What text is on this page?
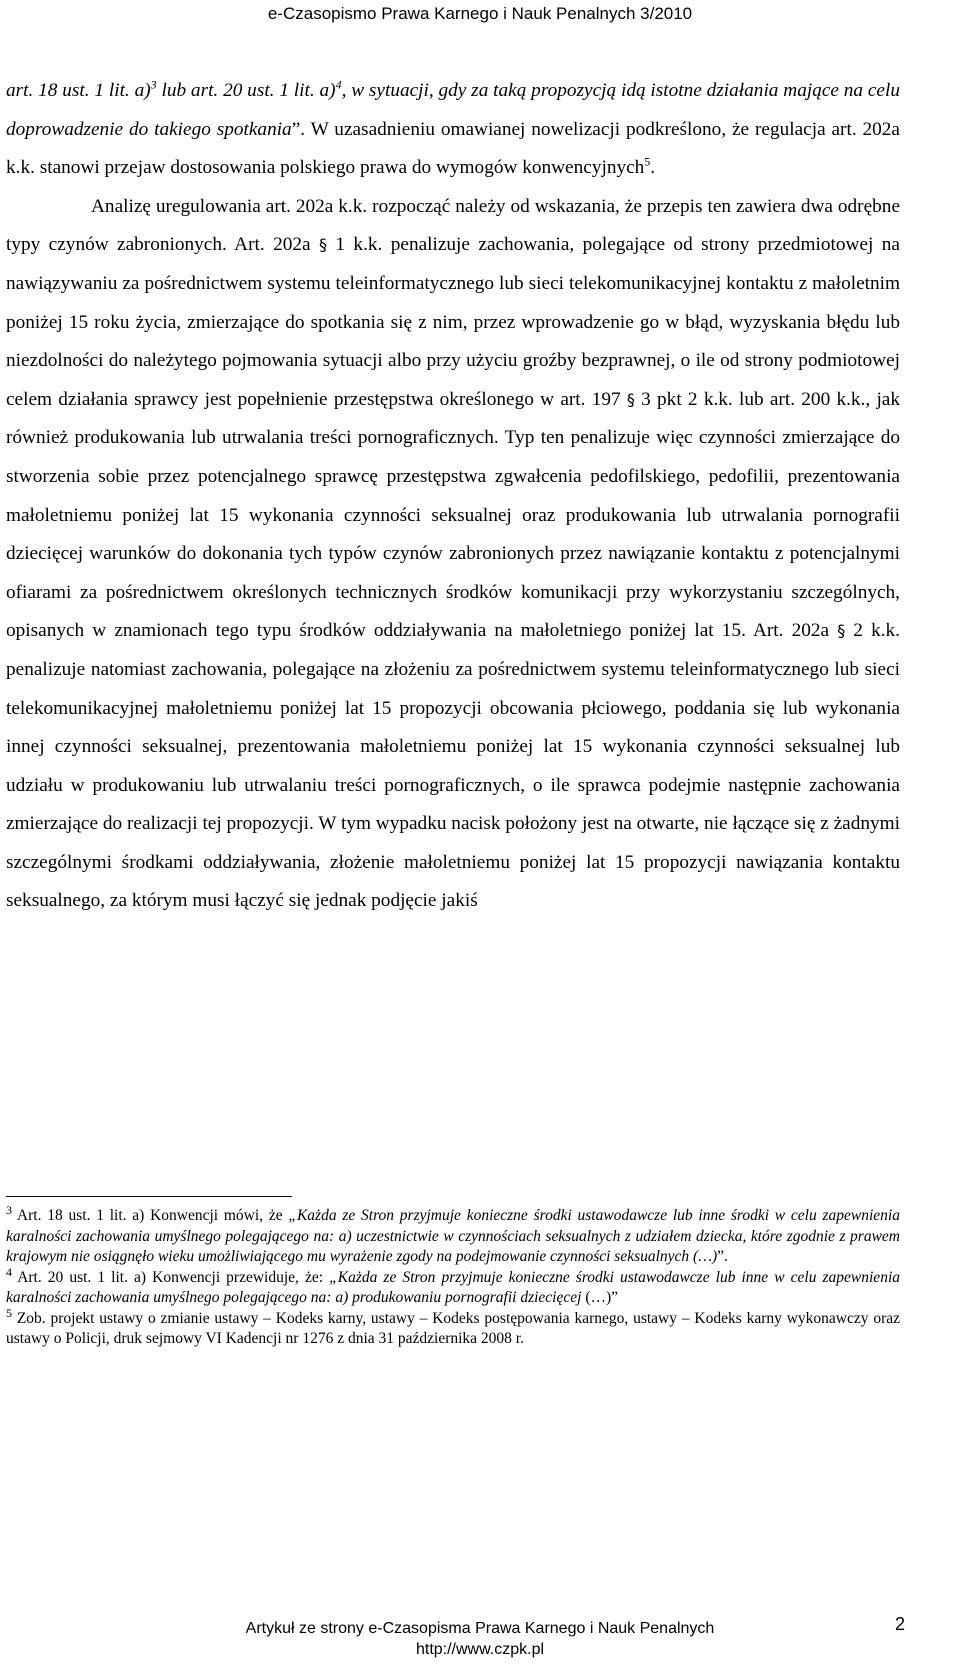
e-Czasopismo Prawa Karnego i Nauk Penalnych 3/2010

art. 18 ust. 1 lit. a)$^3$ lub art. 20 ust. 1 lit. a)$^4$, w sytuacji, gdy za taką propozycją idą istotne działania mające na celu doprowadzenie do takiego spotkania”. W uzasadnieniu omawianej nowelizacji podkreślono, że regulacja art. 202a k.k. stanowi przejaw dostosowania polskiego prawa do wymogów konwencyjnych$^5$.

Analizę uregulowania art. 202a k.k. rozpocząć należy od wskazania, że przepis ten zawiera dwa odrębne typy czynów zabronionych. Art. 202a § 1 k.k. penalizuje zachowania, polegające od strony przedmiotowej na nawiązywaniu za pośrednictwem systemu teleinformatycznego lub sieci telekomunikacyjnej kontaktu z małoletnim poniżej 15 roku życia, zmierzające do spotkania się z nim, przez wprowadzenie go w błąd, wyzyskania błędu lub niezdolności do należytego pojmowania sytuacji albo przy użyciu groźby bezprawnej, o ile od strony podmiotowej celem działania sprawcy jest popełnienie przestępstwa określonego w art. 197 § 3 pkt 2 k.k. lub art. 200 k.k., jak również produkowania lub utrwalania treści pornograficznych. Typ ten penalizuje więc czynności zmierzające do stworzenia sobie przez potencjalnego sprawcę przestępstwa zgwałcenia pedofilskiego, pedofilii, prezentowania małoletniemu poniżej lat 15 wykonania czynności seksualnej oraz produkowania lub utrwalania pornografii dziecięcej warunków do dokonania tych typów czynów zabronionych przez nawiązanie kontaktu z potencjalnymi ofiarami za pośrednictwem określonych technicznych środków komunikacji przy wykorzystaniu szczególnych, opisanych w znamionach tego typu środków oddziaływania na małoletniego poniżej lat 15. Art. 202a § 2 k.k. penalizuje natomiast zachowania, polegające na złożeniu za pośrednictwem systemu teleinformatycznego lub sieci telekomunikacyjnej małoletniemu poniżej lat 15 propozycji obcowania płciowego, poddania się lub wykonania innej czynności seksualnej, prezentowania małoletniemu poniżej lat 15 wykonania czynności seksualnej lub udziału w produkowaniu lub utrwalaniu treści pornograficznych, o ile sprawca podejmie następnie zachowania zmierzające do realizacji tej propozycji. W tym wypadku nacisk położony jest na otwarte, nie łączące się z żadnymi szczególnymi środkami oddziaływania, złożenie małoletniemu poniżej lat 15 propozycji nawiązania kontaktu seksualnego, za którym musi łączyć się jednak podjęcie jakiś

$^3$ Art. 18 ust. 1 lit. a) Konwencji mówi, że „Każda ze Stron przyjmuje konieczne środki ustawodawcze lub inne środki w celu zapewnienia karalności zachowania umyślnego polegającego na: a) uczestnictwie w czynnościach seksualnych z udziałem dziecka, które zgodnie z prawem krajowym nie osiągnęło wieku umożliwiającego mu wyrażenie zgody na podejmowanie czynności seksualnych (…)”.

$^4$ Art. 20 ust. 1 lit. a) Konwencji przewiduje, że: „Każda ze Stron przyjmuje konieczne środki ustawodawcze lub inne w celu zapewnienia karalności zachowania umyślnego polegającego na: a) produkowaniu pornografii dziecięcej (…)”

$^5$ Zob. projekt ustawy o zmianie ustawy – Kodeks karny, ustawy – Kodeks postępowania karnego, ustawy – Kodeks karny wykonawczy oraz ustawy o Policji, druk sejmowy VI Kadencji nr 1276 z dnia 31 października 2008 r.

Artykuł ze strony e-Czasopisma Prawa Karnego i Nauk Penalnych
http://www.czpk.pl
2
